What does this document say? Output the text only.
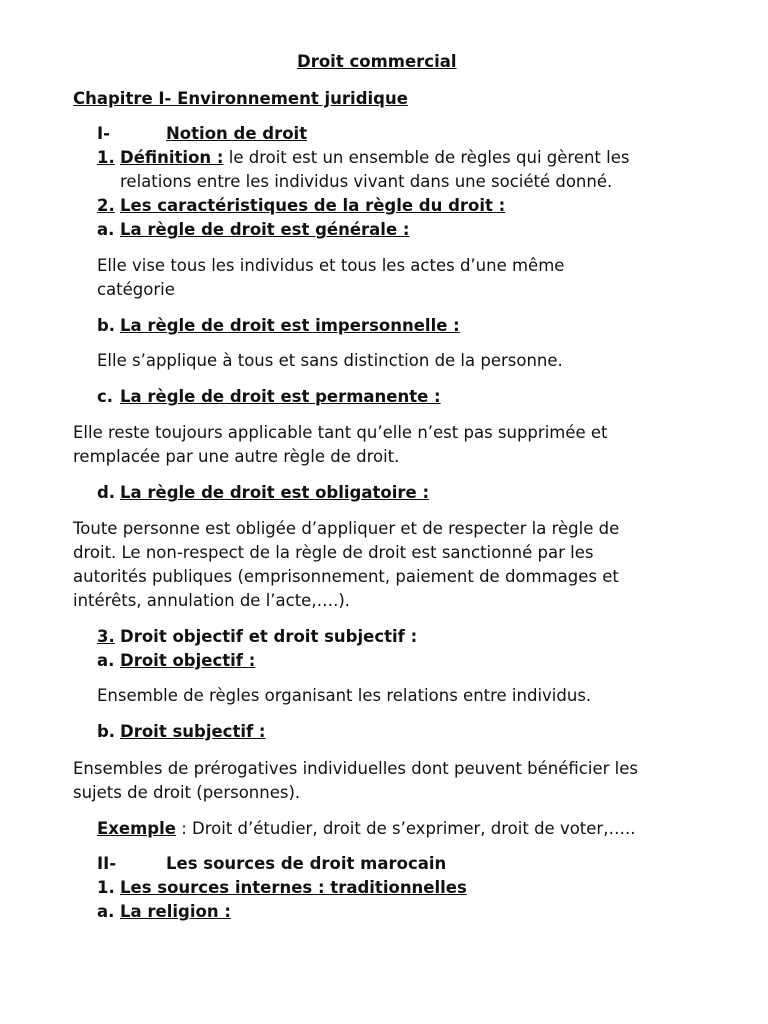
Droit commercial
Chapitre I- Environnement juridique
I-	Notion de droit
1. Définition : le droit est un ensemble de règles qui gèrent les
relations entre les individus vivant dans une société donné.
2. Les caractéristiques de la règle du droit :
a. La règle de droit est générale :
Elle vise tous les individus et tous les actes d’une même
catégorie
b. La règle de droit est impersonnelle :
Elle s’applique à tous et sans distinction de la personne.
c. La règle de droit est permanente :
Elle reste toujours applicable tant qu’elle n’est pas supprimée et
remplacée par une autre règle de droit.
d. La règle de droit est obligatoire :
Toute personne est obligée d’appliquer et de respecter la règle de
droit. Le non-respect de la règle de droit est sanctionné par les
autorités publiques (emprisonnement, paiement de dommages et
intérêts, annulation de l’acte,….).
3. Droit objectif et droit subjectif :
a. Droit objectif :
Ensemble de règles organisant les relations entre individus.
b. Droit subjectif :
Ensembles de prérogatives individuelles dont peuvent bénéficier les
sujets de droit (personnes).
Exemple : Droit d’étudier, droit de s’exprimer, droit de voter,…..
II-	Les sources de droit marocain
1. Les sources internes : traditionnelles
a. La religion :
